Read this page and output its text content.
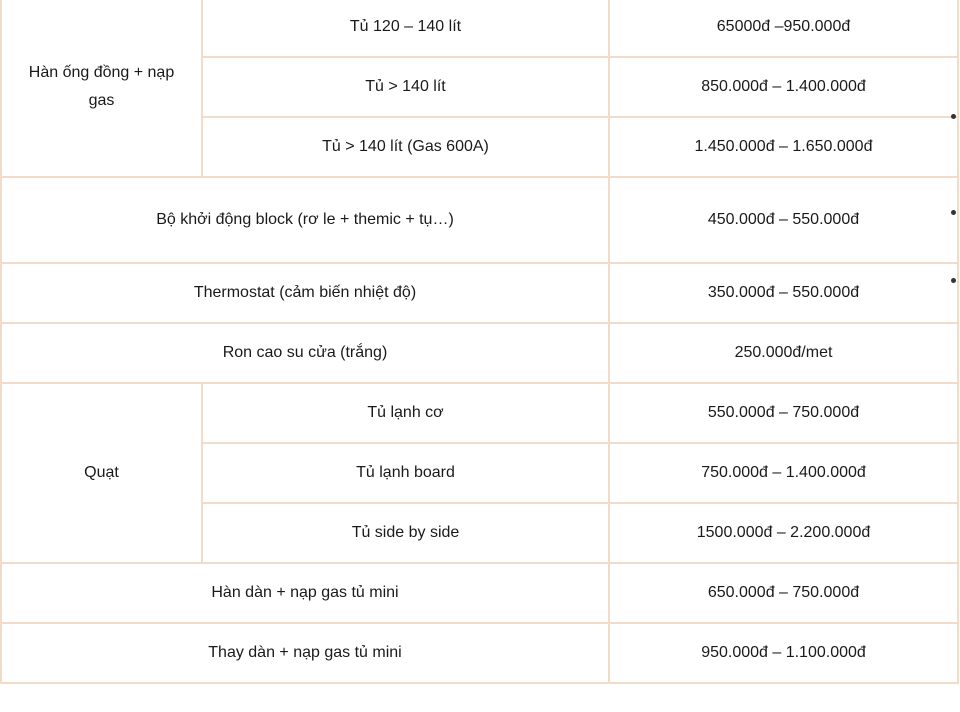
Hàn ống đồng + nạp gas	Tủ 120 – 140 lít	65000đ –950.000đ
	Tủ > 140 lít	850.000đ – 1.400.000đ
	Tủ > 140 lít (Gas 600A)	1.450.000đ – 1.650.000đ
Bộ khởi động block (rơ le + themic + tụ…)		450.000đ – 550.000đ
Thermostat (cảm biến nhiệt độ)		350.000đ – 550.000đ
Ron cao su cửa (trắng)		250.000đ/met
Quạt	Tủ lạnh cơ	550.000đ – 750.000đ
	Tủ lạnh board	750.000đ – 1.400.000đ
	Tủ side by side	1500.000đ – 2.200.000đ
Hàn dàn + nạp gas tủ mini		650.000đ – 750.000đ
Thay dàn + nạp gas tủ mini		950.000đ – 1.100.000đ
